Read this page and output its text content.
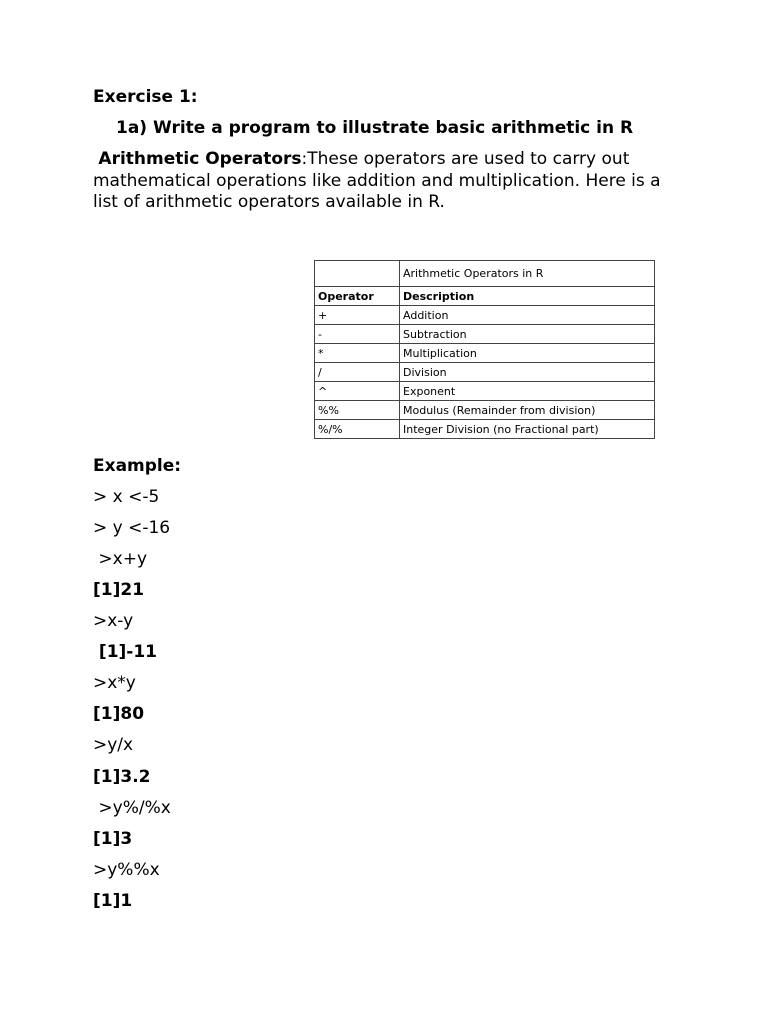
Exercise 1:
1a) Write a program to illustrate basic arithmetic in R
Arithmetic Operators:These operators are used to carry out mathematical operations like addition and multiplication. Here is a list of arithmetic operators available in R.
	Arithmetic Operators in R
Operator	Description
+	Addition
-	Subtraction
*	Multiplication
/	Division
^	Exponent
%%	Modulus (Remainder from division)
%/%	Integer Division (no Fractional part)
Example:
> x <-5
> y <-16
>x+y
[1]21
>x-y
[1]-11
>x*y
[1]80
>y/x
[1]3.2
>y%/%x
[1]3
>y%%x
[1]1
